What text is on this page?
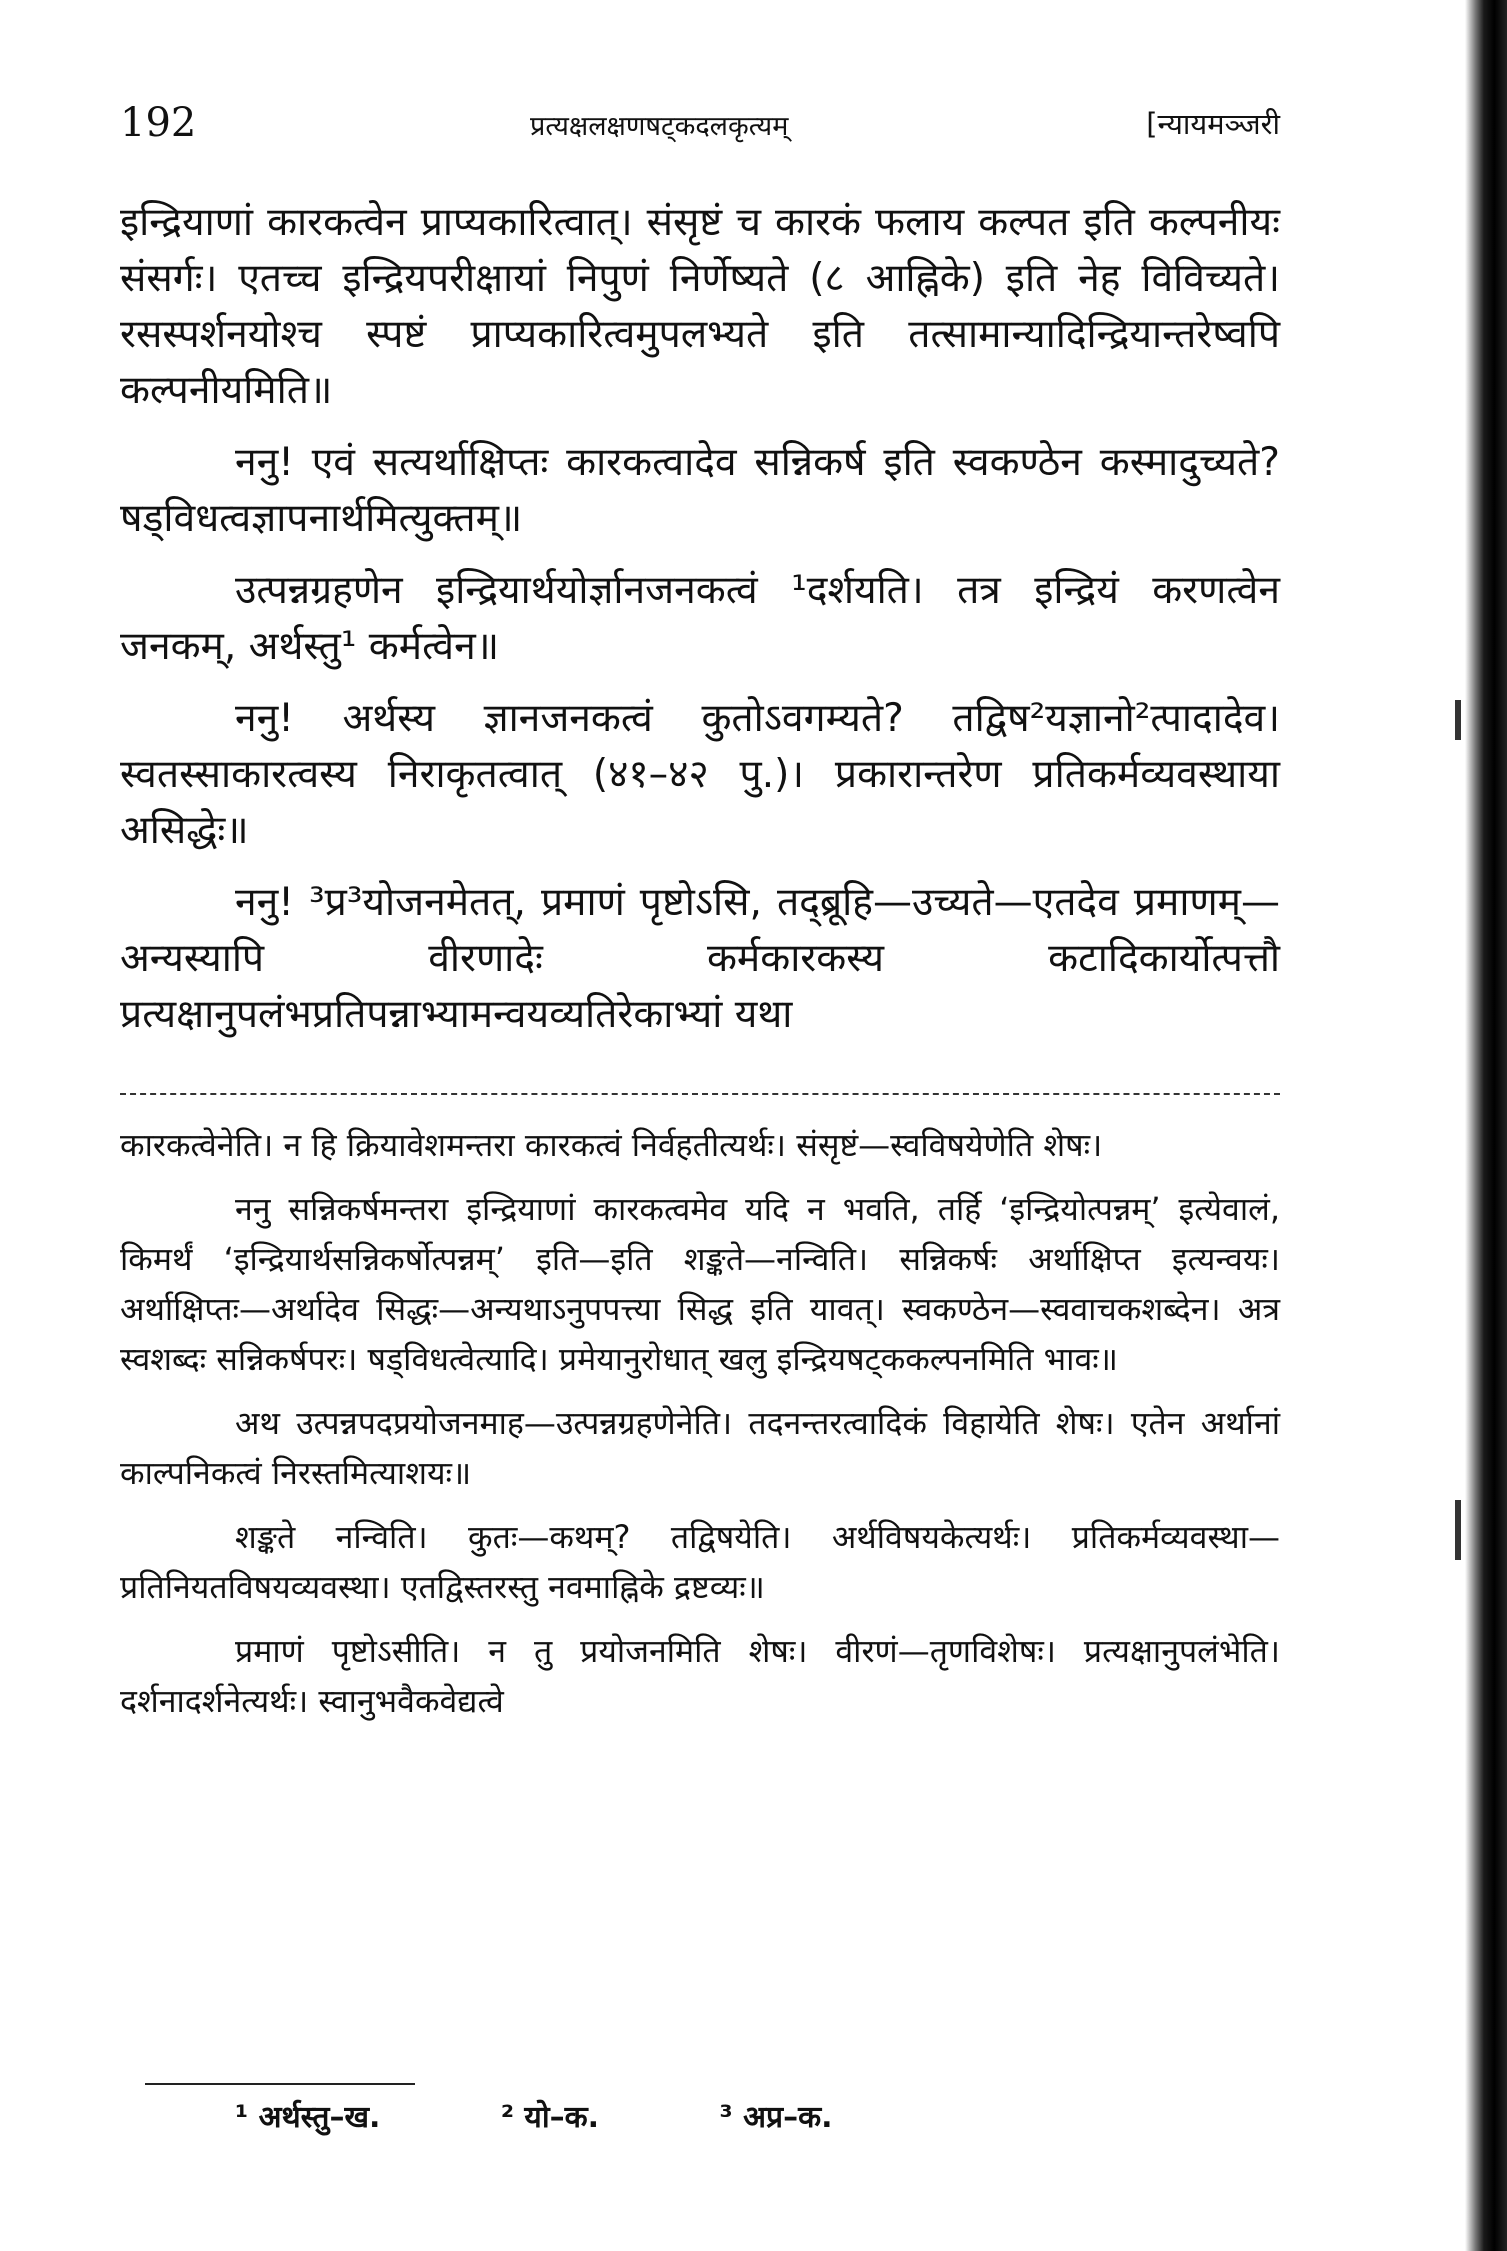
192	प्रत्यक्षलक्षणषट्कदलकृत्यम्	[न्यायमञ्जरी

इन्द्रियाणां कारकत्वेन प्राप्यकारित्वात्। संसृष्टं च कारकं फलाय कल्पत इति कल्पनीयः संसर्गः। एतच्च इन्द्रियपरीक्षायां निपुणं निर्णेष्यते (८ आह्निके) इति नेह विविच्यते। रसस्पर्शनयोश्च स्पष्टं प्राप्यकारित्वमुपलभ्यते इति तत्सामान्यादिन्द्रियान्तरेष्वपि कल्पनीयमिति॥

ननु! एवं सत्यर्थाक्षिप्तः कारकत्वादेव सन्निकर्ष इति स्वकण्ठेन कस्मादुच्यते? षड्विधत्वज्ञापनार्थमित्युक्तम्॥

उत्पन्नग्रहणेन इन्द्रियार्थयोर्ज्ञानजनकत्वं ¹दर्शयति। तत्र इन्द्रियं करणत्वेन जनकम्, अर्थस्तु¹ कर्मत्वेन॥

ननु! अर्थस्य ज्ञानजनकत्वं कुतोऽवगम्यते? तद्विष²यज्ञानो²त्पादादेव। स्वतस्साकारत्वस्य निराकृतत्वात् (४१–४२ पु.)। प्रकारान्तरेण प्रतिकर्मव्यवस्थाया असिद्धेः॥

ननु! ³प्र³योजनमेतत्, प्रमाणं पृष्टोऽसि, तद्ब्रूहि—उच्यते—एतदेव प्रमाणम्—अन्यस्यापि वीरणादेः कर्मकारकस्य कटादिकार्योत्पत्तौ प्रत्यक्षानुपलंभप्रतिपन्नाभ्यामन्वयव्यतिरेकाभ्यां यथा

कारकत्वेनेति। न हि क्रियावेशमन्तरा कारकत्वं निर्वहतीत्यर्थः। संसृष्टं—स्वविषयेणेति शेषः।

ननु सन्निकर्षमन्तरा इन्द्रियाणां कारकत्वमेव यदि न भवति, तर्हि ‘इन्द्रियोत्पन्नम्’ इत्येवालं, किमर्थं ‘इन्द्रियार्थसन्निकर्षोत्पन्नम्’ इति—इति शङ्कते—नन्विति। सन्निकर्षः अर्थाक्षिप्त इत्यन्वयः। अर्थाक्षिप्तः—अर्थादेव सिद्धः—अन्यथाऽनुपपत्त्या सिद्ध इति यावत्। स्वकण्ठेन—स्ववाचकशब्देन। अत्र स्वशब्दः सन्निकर्षपरः। षड्विधत्वेत्यादि। प्रमेयानुरोधात् खलु इन्द्रियषट्ककल्पनमिति भावः॥

अथ उत्पन्नपदप्रयोजनमाह—उत्पन्नग्रहणेनेति। तदनन्तरत्वादिकं विहायेति शेषः। एतेन अर्थानां काल्पनिकत्वं निरस्तमित्याशयः॥

शङ्कते नन्विति। कुतः—कथम्? तद्विषयेति। अर्थविषयकेत्यर्थः। प्रतिकर्मव्यवस्था—प्रतिनियतविषयव्यवस्था। एतद्विस्तरस्तु नवमाह्निके द्रष्टव्यः॥

प्रमाणं पृष्टोऽसीति। न तु प्रयोजनमिति शेषः। वीरणं—तृणविशेषः। प्रत्यक्षानुपलंभेति। दर्शनादर्शनेत्यर्थः। स्वानुभवैकवेद्यत्वे

¹ अर्थस्तु–ख.	² यो–क.	³ अप्र–क.
